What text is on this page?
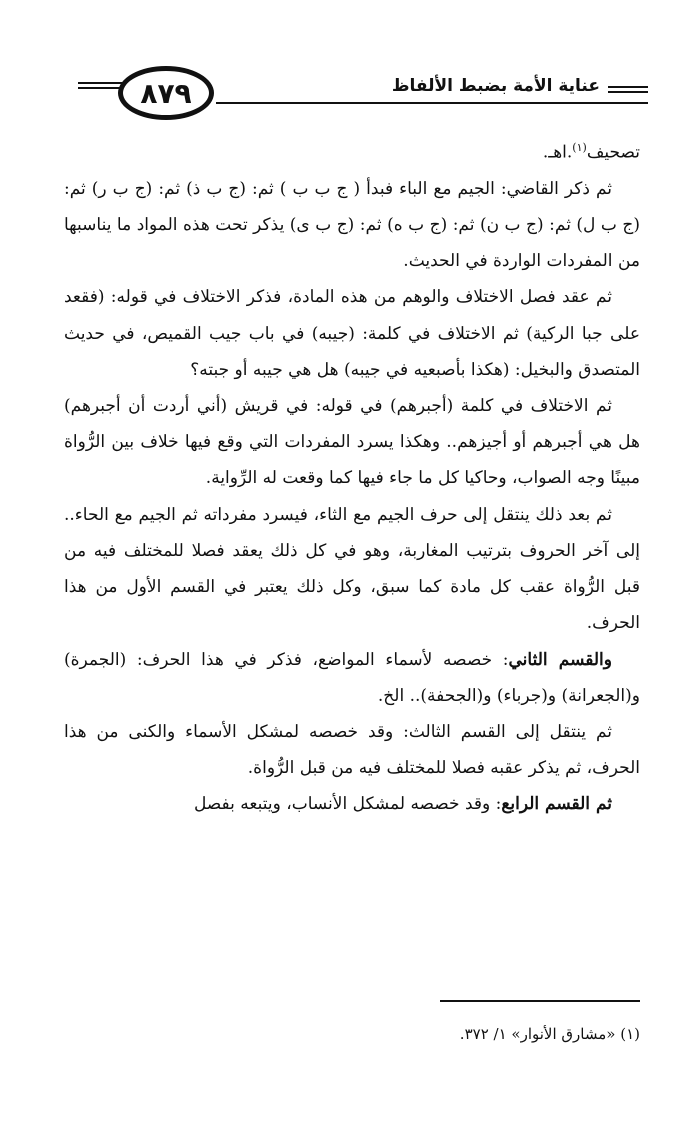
٨٧٩	عناية الأمة بضبط الألفاظ

تصحيف$^{(١)}$.اهـ.

ثم ذكر القاضي: الجيم مع الباء فبدأ ( ج ب ب ) ثم: (ج ب ذ) ثم: (ج ب ر) ثم: (ج ب ل) ثم: (ج ب ن) ثم: (ج ب ه) ثم: (ج ب ى) يذكر تحت هذه المواد ما يناسبها من المفردات الواردة في الحديث.

ثم عقد فصل الاختلاف والوهم من هذه المادة، فذكر الاختلاف في قوله: (فقعد على جبا الركية) ثم الاختلاف في كلمة: (جيبه) في باب جيب القميص، في حديث المتصدق والبخيل: (هكذا بأصبعيه في جيبه) هل هي جيبه أو جبته؟

ثم الاختلاف في كلمة (أجبرهم) في قوله: في قريش (أني أردت أن أجبرهم) هل هي أجبرهم أو أجيزهم.. وهكذا يسرد المفردات التي وقع فيها خلاف بين الرُّواة مبينًا وجه الصواب، وحاكيا كل ما جاء فيها كما وقعت له الرِّواية.

ثم بعد ذلك ينتقل إلى حرف الجيم مع الثاء، فيسرد مفرداته ثم الجيم مع الحاء.. إلى آخر الحروف بترتيب المغاربة، وهو في كل ذلك يعقد فصلا للمختلف فيه من قبل الرُّواة عقب كل مادة كما سبق، وكل ذلك يعتبر في القسم الأول من هذا الحرف.

والقسم الثاني: خصصه لأسماء المواضع، فذكر في هذا الحرف: (الجمرة) و(الجعرانة) و(جرباء) و(الجحفة).. الخ.

ثم ينتقل إلى القسم الثالث: وقد خصصه لمشكل الأسماء والكنى من هذا الحرف، ثم يذكر عقبه فصلا للمختلف فيه من قبل الرُّواة.

ثم القسم الرابع: وقد خصصه لمشكل الأنساب، ويتبعه بفصل

(١) «مشارق الأنوار» ١/ ٣٧٢.
